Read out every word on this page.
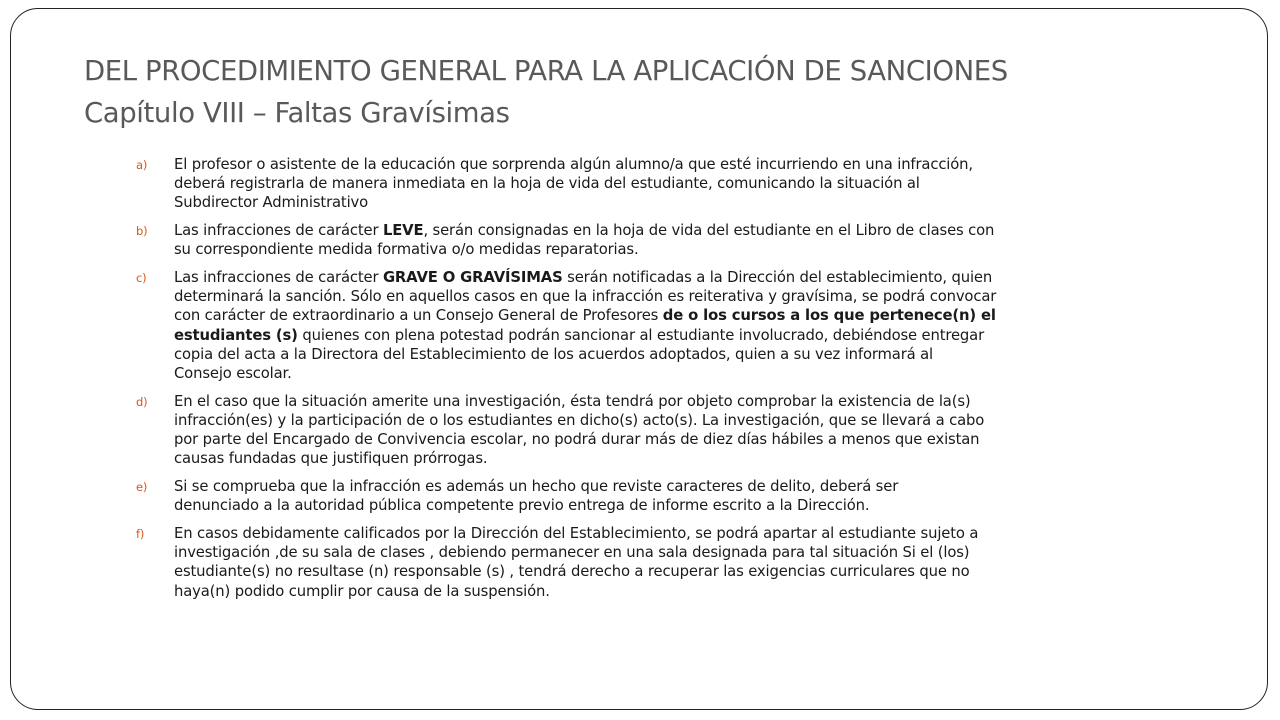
DEL PROCEDIMIENTO GENERAL PARA LA APLICACIÓN DE SANCIONES
Capítulo VIII – Faltas Gravísimas
a) El profesor o asistente de la educación que sorprenda algún alumno/a que esté incurriendo en una infracción,
deberá registrarla de manera inmediata en la hoja de vida del estudiante, comunicando la situación al
Subdirector Administrativo
b) Las infracciones de carácter LEVE, serán consignadas en la hoja de vida del estudiante en el Libro de clases con
su correspondiente medida formativa o/o medidas reparatorias.
c) Las infracciones de carácter GRAVE O GRAVÍSIMAS serán notificadas a la Dirección del establecimiento, quien
determinará la sanción. Sólo en aquellos casos en que la infracción es reiterativa y gravísima, se podrá convocar
con carácter de extraordinario a un Consejo General de Profesores de o los cursos a los que pertenece(n) el
estudiantes (s) quienes con plena potestad podrán sancionar al estudiante involucrado, debiéndose entregar
copia del acta a la Directora del Establecimiento de los acuerdos adoptados, quien a su vez informará al
Consejo escolar.
d) En el caso que la situación amerite una investigación, ésta tendrá por objeto comprobar la existencia de la(s)
infracción(es) y la participación de o los estudiantes en dicho(s) acto(s). La investigación, que se llevará a cabo
por parte del Encargado de Convivencia escolar, no podrá durar más de diez días hábiles a menos que existan
causas fundadas que justifiquen prórrogas.
e) Si se comprueba que la infracción es además un hecho que reviste caracteres de delito, deberá ser
denunciado a la autoridad pública competente previo entrega de informe escrito a la Dirección.
f) En casos debidamente calificados por la Dirección del Establecimiento, se podrá apartar al estudiante sujeto a
investigación ,de su sala de clases , debiendo permanecer en una sala designada para tal situación Si el (los)
estudiante(s) no resultase (n) responsable (s) , tendrá derecho a recuperar las exigencias curriculares que no
haya(n) podido cumplir por causa de la suspensión.
